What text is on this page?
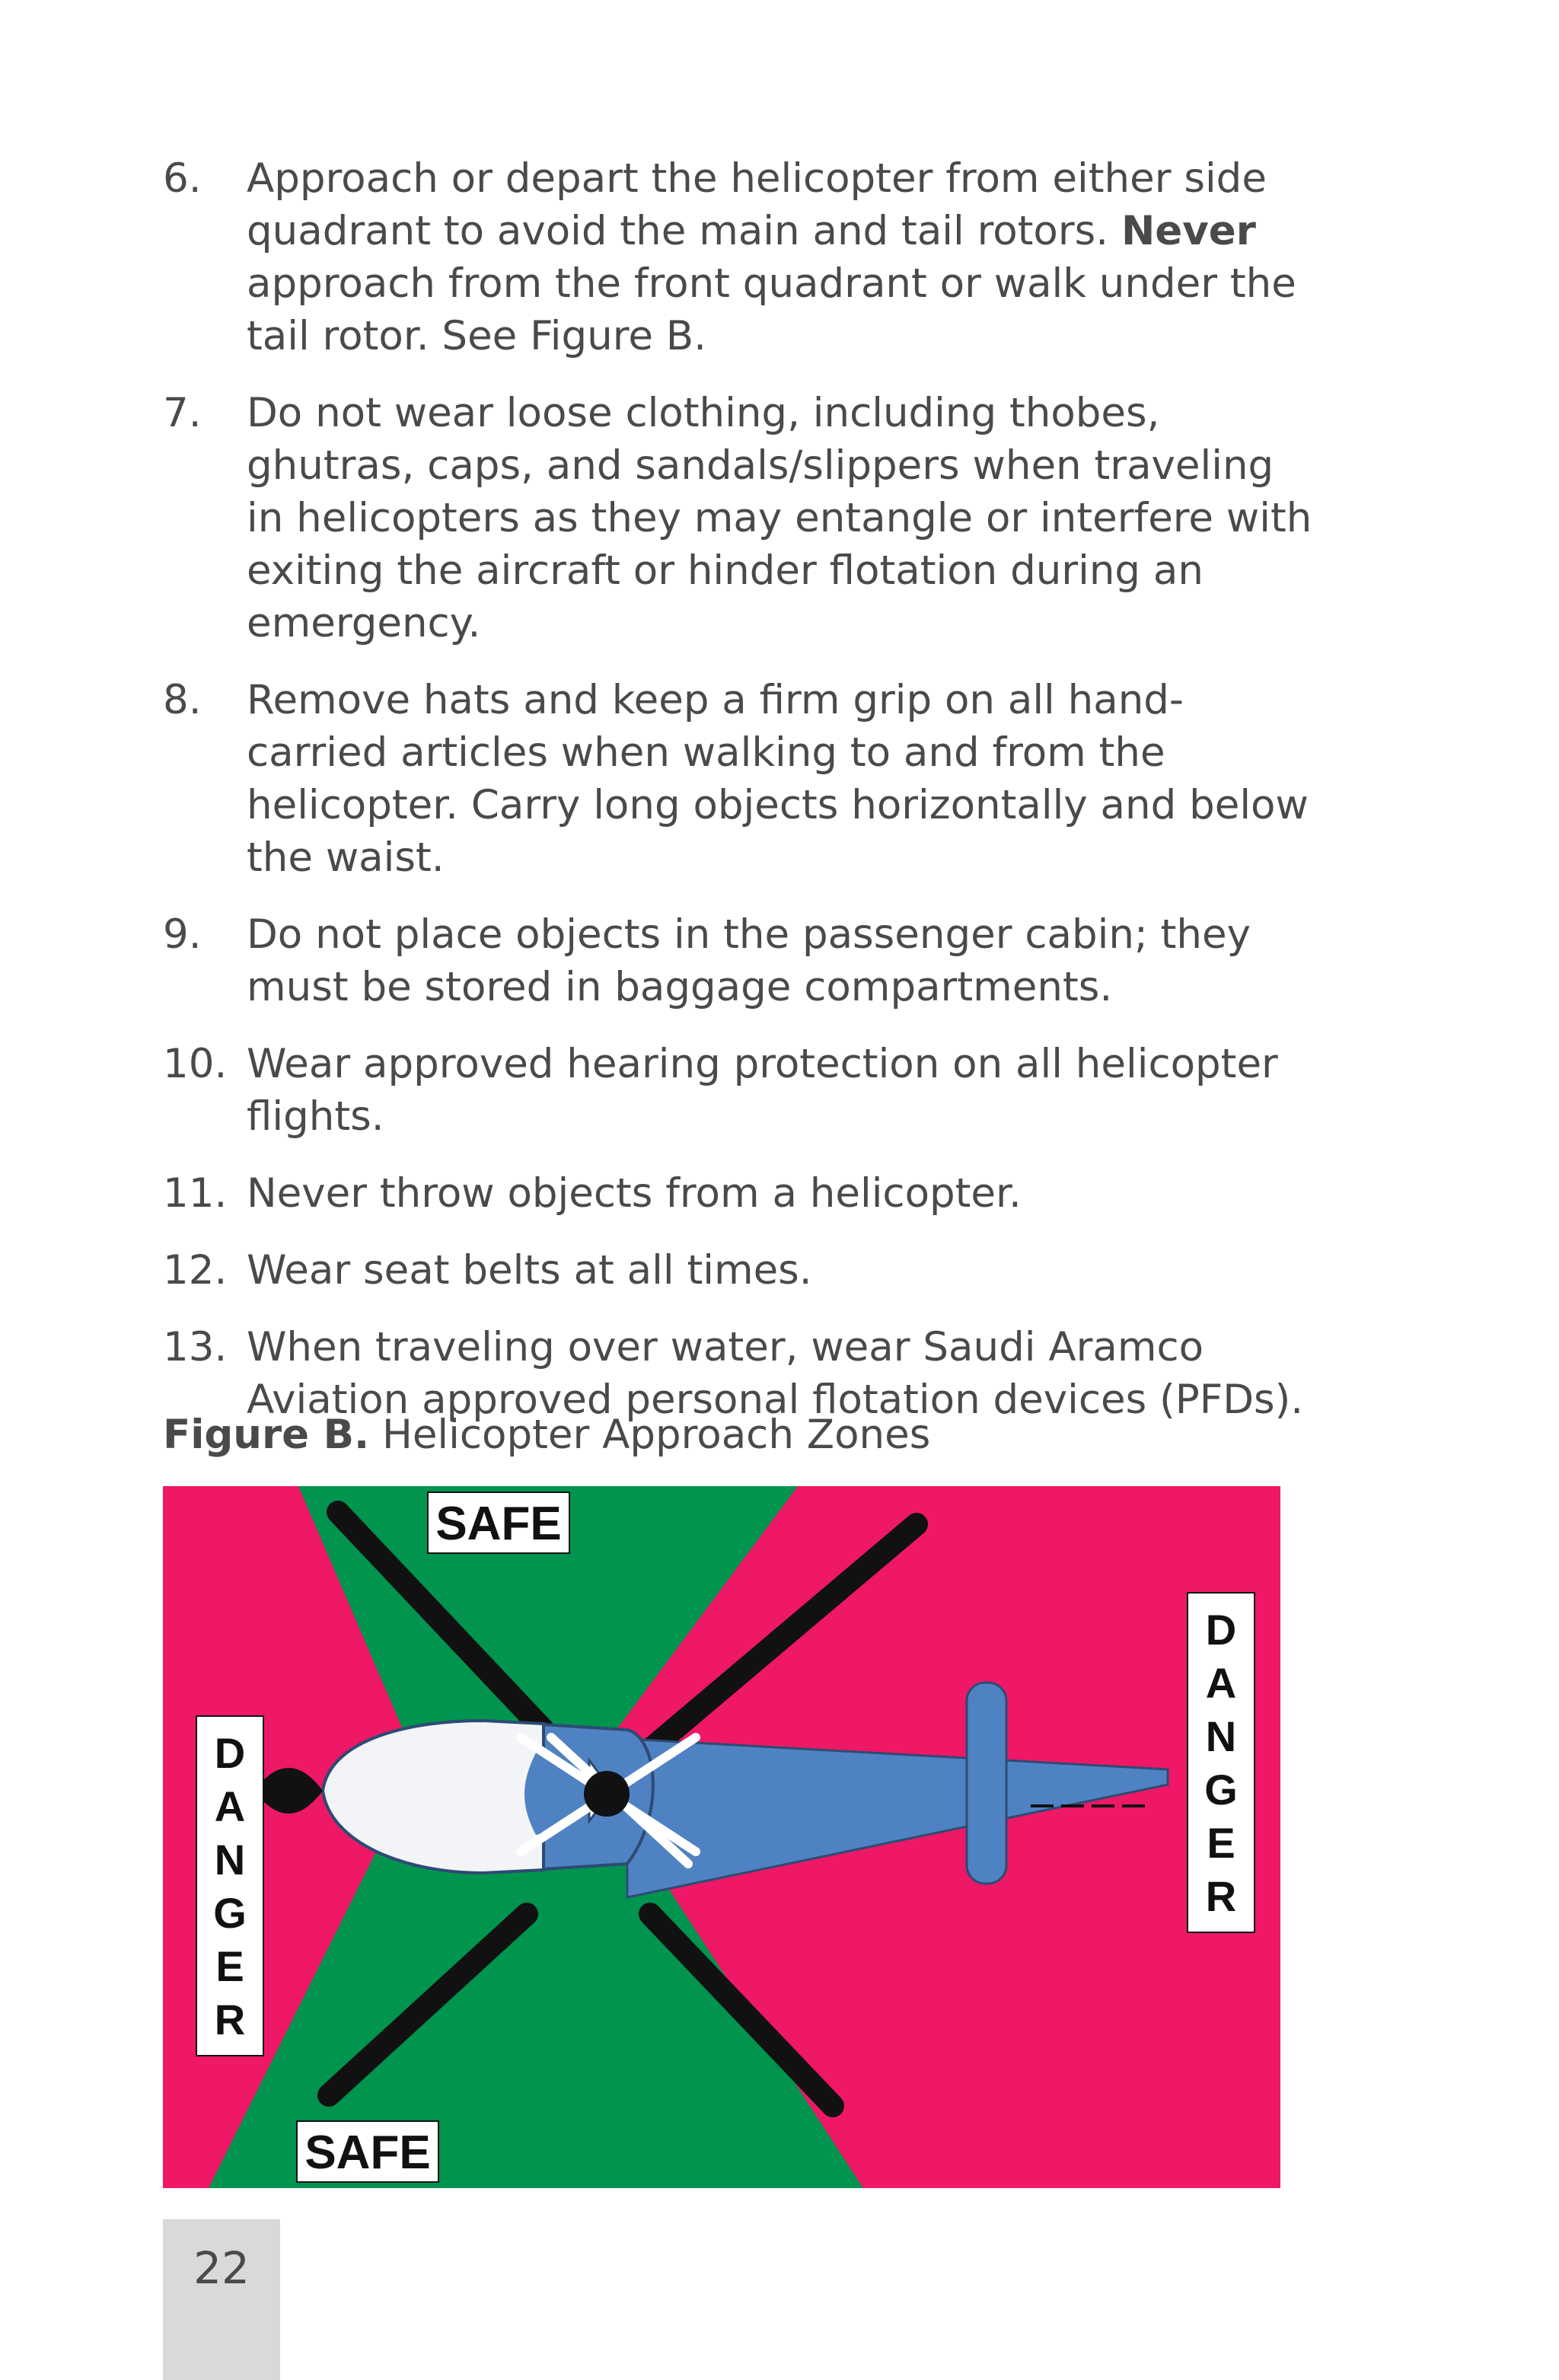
6. Approach or depart the helicopter from either side quadrant to avoid the main and tail rotors. Never approach from the front quadrant or walk under the tail rotor. See Figure B.
7. Do not wear loose clothing, including thobes, ghutras, caps, and sandals/slippers when traveling in helicopters as they may entangle or interfere with exiting the aircraft or hinder flotation during an emergency.
8. Remove hats and keep a firm grip on all hand-carried articles when walking to and from the helicopter. Carry long objects horizontally and below the waist.
9. Do not place objects in the passenger cabin; they must be stored in baggage compartments.
10. Wear approved hearing protection on all helicopter flights.
11. Never throw objects from a helicopter.
12. Wear seat belts at all times.
13. When traveling over water, wear Saudi Aramco Aviation approved personal flotation devices (PFDs).
Figure B. Helicopter Approach Zones
SAFE
SAFE
D
A
N
G
E
R
D
A
N
G
E
R
22
